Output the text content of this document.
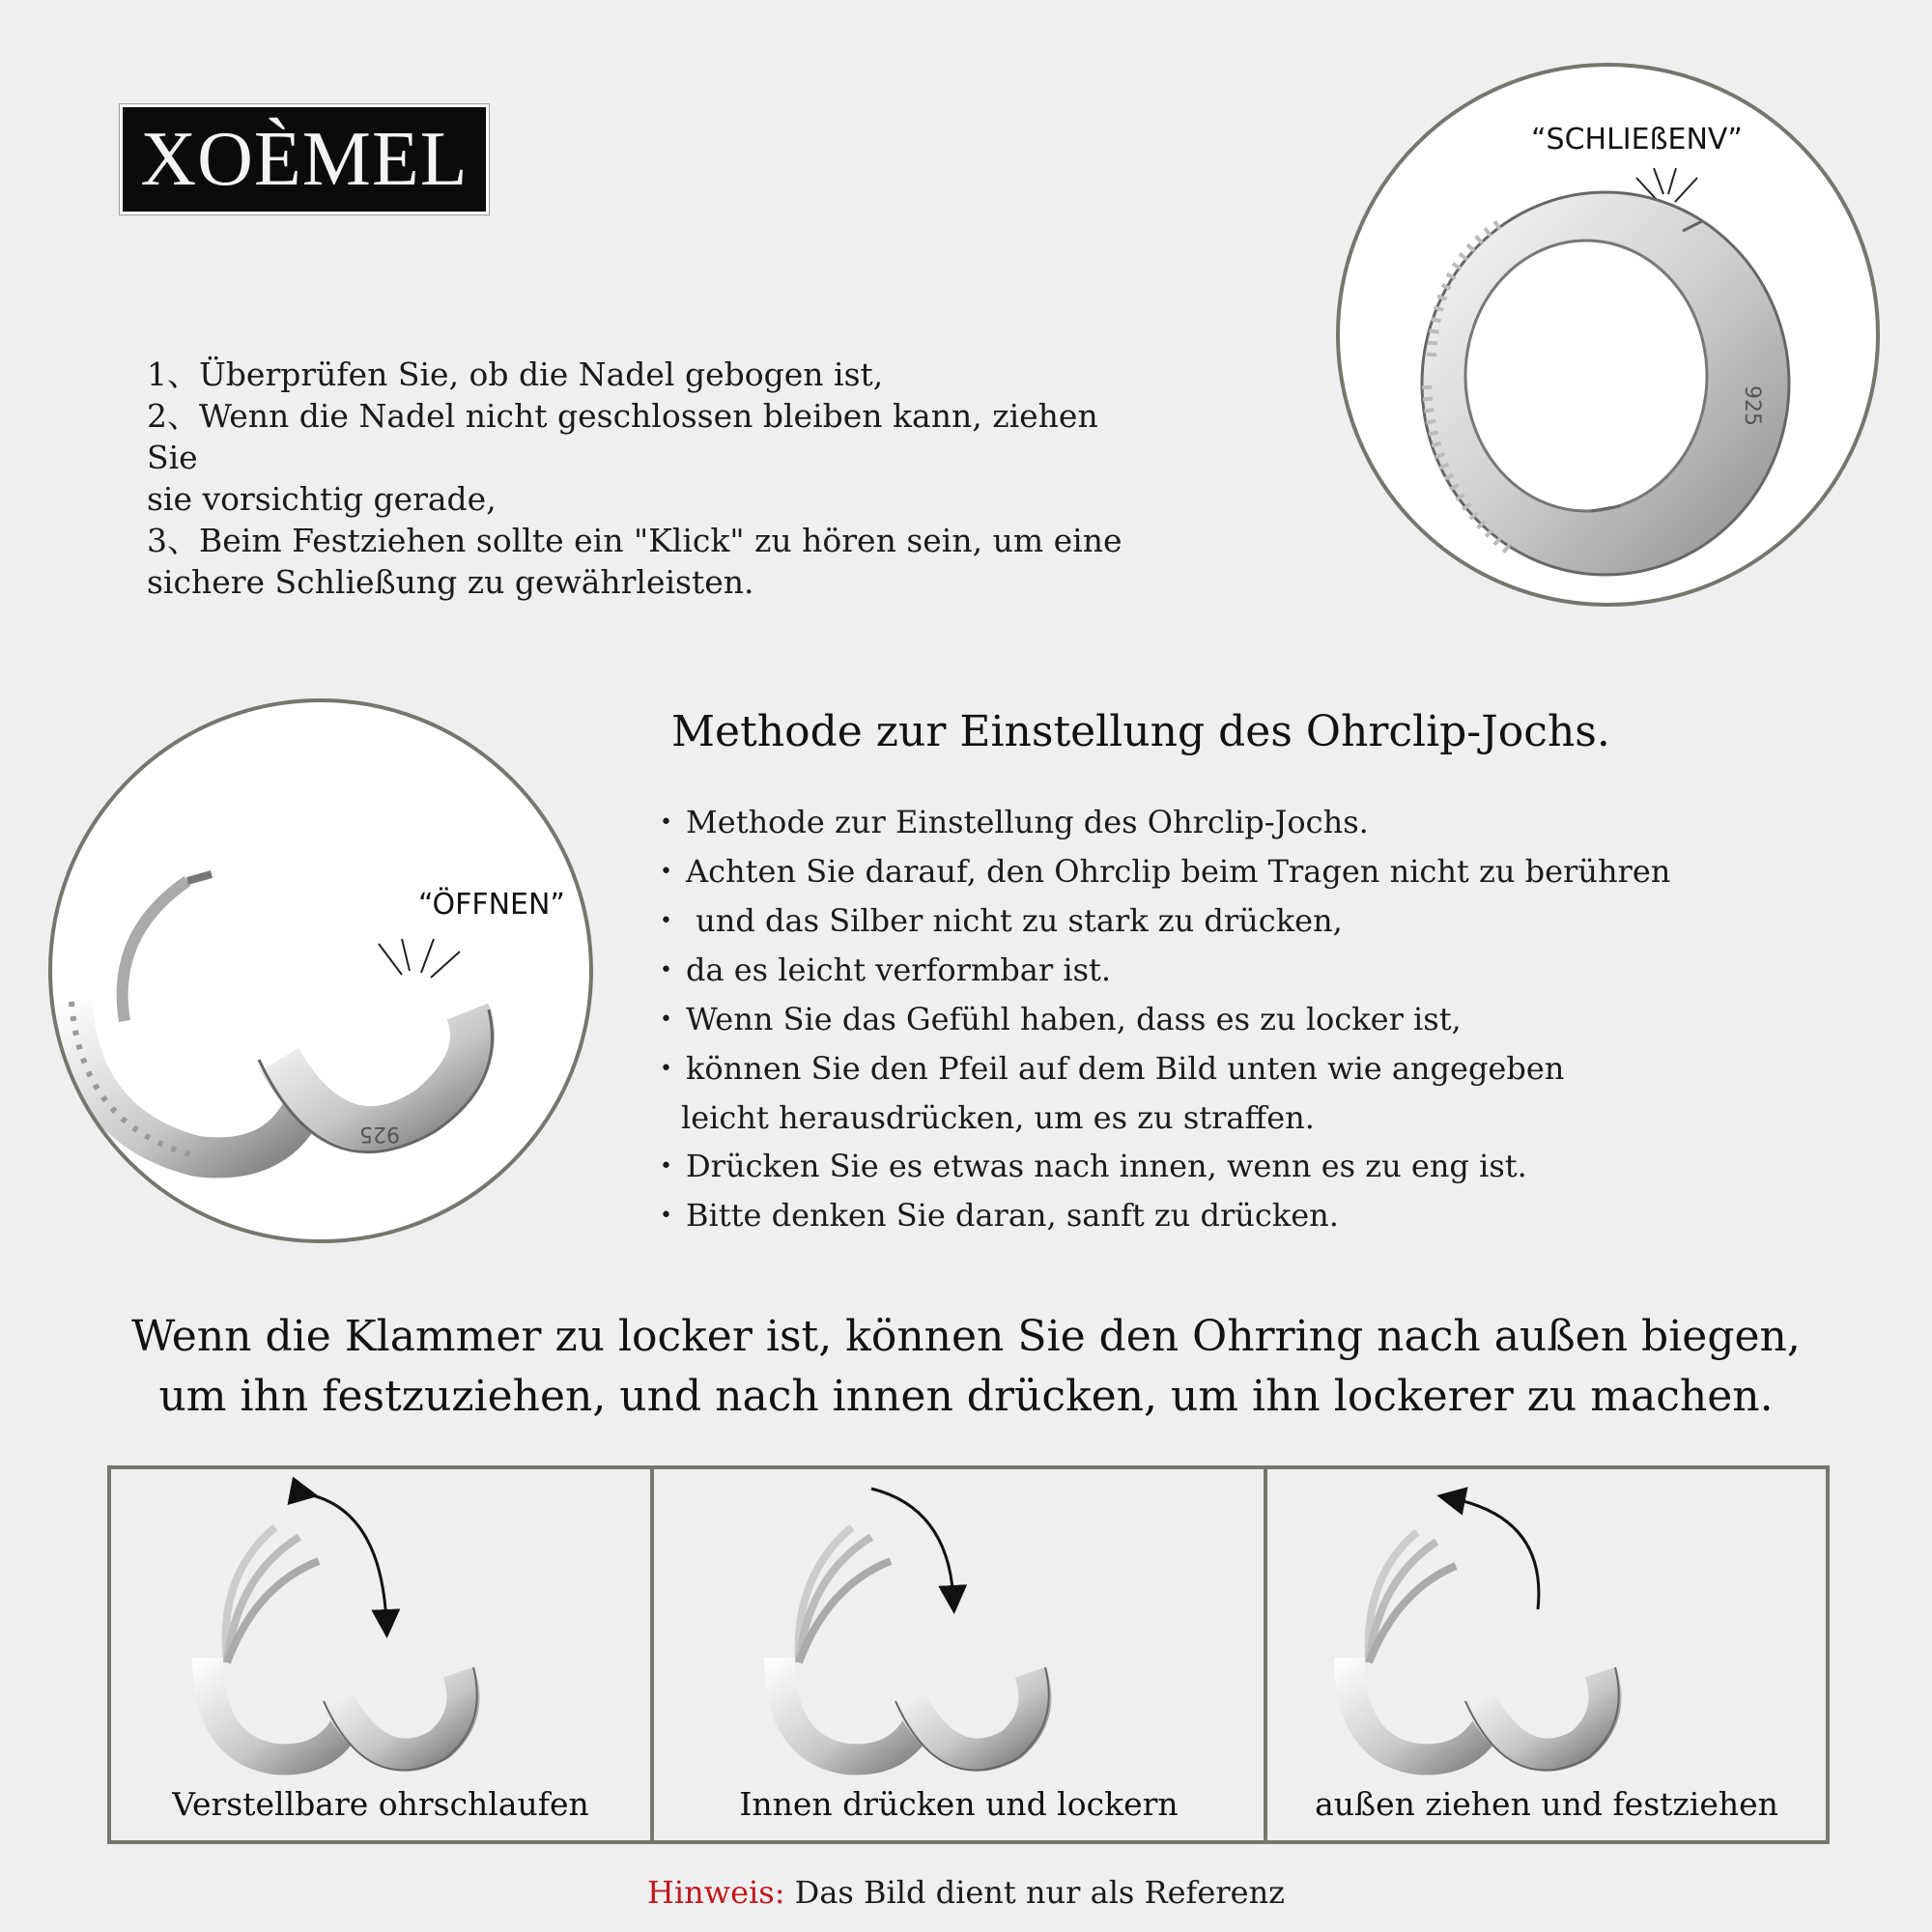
XOÈMEL

1、Überprüfen Sie, ob die Nadel gebogen ist,

2、Wenn die Nadel nicht geschlossen bleiben kann, ziehen Sie

sie vorsichtig gerade,

3、Beim Festziehen sollte ein "Klick" zu hören sein, um eine

sichere Schließung zu gewährleisten.

925
“SCHLIEßENV”
925
“ÖFFNEN”
Methode zur Einstellung des Ohrclip-Jochs.
• Methode zur Einstellung des Ohrclip-Jochs.
• Achten Sie darauf, den Ohrclip beim Tragen nicht zu berühren
• und das Silber nicht zu stark zu drücken,
• da es leicht verformbar ist.
• Wenn Sie das Gefühl haben, dass es zu locker ist,
• können Sie den Pfeil auf dem Bild unten wie angegeben
leicht herausdrücken, um es zu straffen.
• Drücken Sie es etwas nach innen, wenn es zu eng ist.
• Bitte denken Sie daran, sanft zu drücken.
Wenn die Klammer zu locker ist, können Sie den Ohrring nach außen biegen,
um ihn festzuziehen, und nach innen drücken, um ihn lockerer zu machen.
Verstellbare ohrschlaufen	Innen drücken und lockern	außen ziehen und festziehen
Hinweis: Das Bild dient nur als Referenz
